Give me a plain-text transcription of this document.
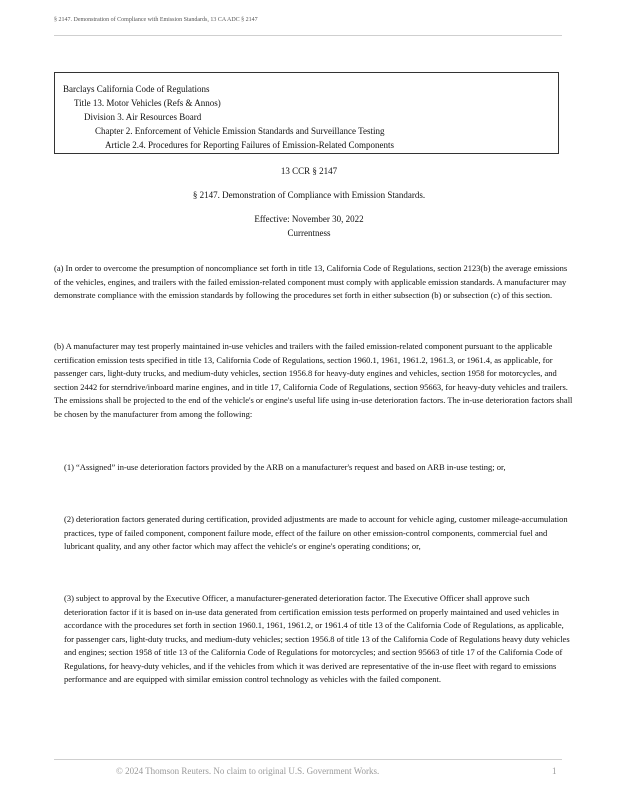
§ 2147. Demonstration of Compliance with Emission Standards, 13 CA ADC § 2147
Barclays California Code of Regulations
Title 13. Motor Vehicles (Refs & Annos)
Division 3. Air Resources Board
Chapter 2. Enforcement of Vehicle Emission Standards and Surveillance Testing
Article 2.4. Procedures for Reporting Failures of Emission-Related Components
13 CCR § 2147
§ 2147. Demonstration of Compliance with Emission Standards.
Effective: November 30, 2022
Currentness
(a) In order to overcome the presumption of noncompliance set forth in title 13, California Code of Regulations, section 2123(b) the average emissions of the vehicles, engines, and trailers with the failed emission-related component must comply with applicable emission standards. A manufacturer may demonstrate compliance with the emission standards by following the procedures set forth in either subsection (b) or subsection (c) of this section.
(b) A manufacturer may test properly maintained in-use vehicles and trailers with the failed emission-related component pursuant to the applicable certification emission tests specified in title 13, California Code of Regulations, section 1960.1, 1961, 1961.2, 1961.3, or 1961.4, as applicable, for passenger cars, light-duty trucks, and medium-duty vehicles, section 1956.8 for heavy-duty engines and vehicles, section 1958 for motorcycles, and section 2442 for sterndrive/inboard marine engines, and in title 17, California Code of Regulations, section 95663, for heavy-duty vehicles and trailers. The emissions shall be projected to the end of the vehicle's or engine's useful life using in-use deterioration factors. The in-use deterioration factors shall be chosen by the manufacturer from among the following:
(1) “Assigned” in-use deterioration factors provided by the ARB on a manufacturer's request and based on ARB in-use testing; or,
(2) deterioration factors generated during certification, provided adjustments are made to account for vehicle aging, customer mileage-accumulation practices, type of failed component, component failure mode, effect of the failure on other emission-control components, commercial fuel and lubricant quality, and any other factor which may affect the vehicle's or engine's operating conditions; or,
(3) subject to approval by the Executive Officer, a manufacturer-generated deterioration factor. The Executive Officer shall approve such deterioration factor if it is based on in-use data generated from certification emission tests performed on properly maintained and used vehicles in accordance with the procedures set forth in section 1960.1, 1961, 1961.2, or 1961.4 of title 13 of the California Code of Regulations, as applicable, for passenger cars, light-duty trucks, and medium-duty vehicles; section 1956.8 of title 13 of the California Code of Regulations heavy duty vehicles and engines; section 1958 of title 13 of the California Code of Regulations for motorcycles; and section 95663 of title 17 of the California Code of Regulations, for heavy-duty vehicles, and if the vehicles from which it was derived are representative of the in-use fleet with regard to emissions performance and are equipped with similar emission control technology as vehicles with the failed component.
© 2024 Thomson Reuters. No claim to original U.S. Government Works.	1
